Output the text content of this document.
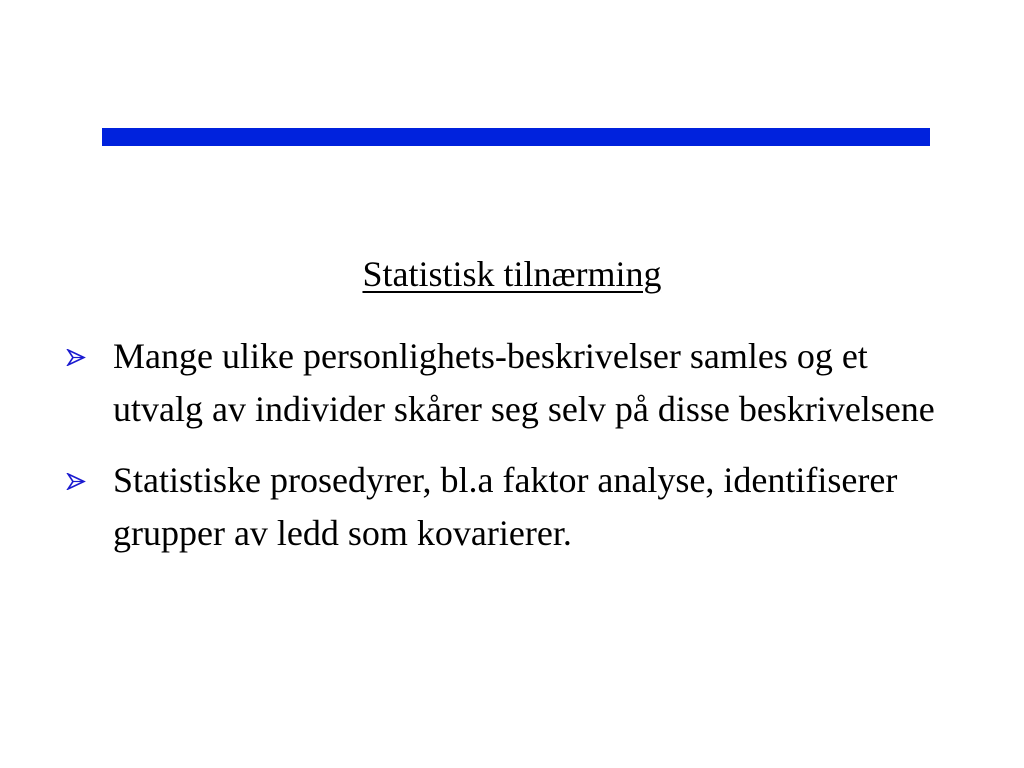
Statistisk tilnærming
Mange ulike personlighets-beskrivelser samles og et utvalg av individer skårer seg selv på disse beskrivelsene
Statistiske prosedyrer, bl.a faktor analyse, identifiserer grupper av ledd som kovarierer.
